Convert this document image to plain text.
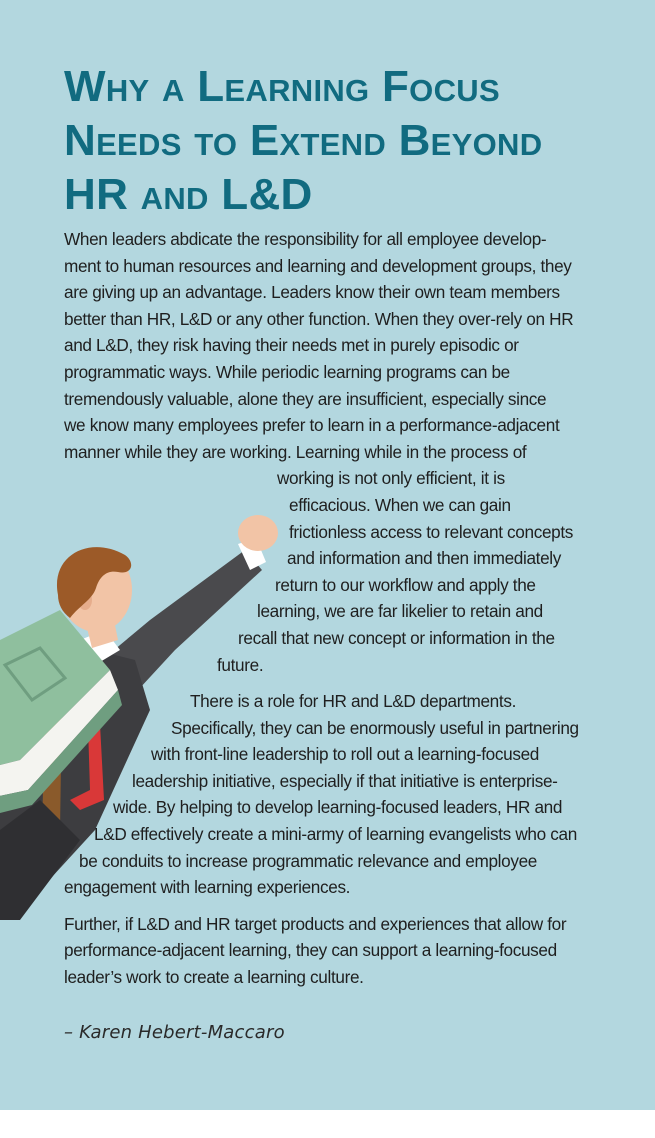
Why a Learning Focus
Needs to Extend Beyond
HR and L&D
When leaders abdicate the responsibility for all employee develop-
ment to human resources and learning and development groups, they
are giving up an advantage. Leaders know their own team members
better than HR, L&D or any other function. When they over-rely on HR
and L&D, they risk having their needs met in purely episodic or
programmatic ways. While periodic learning programs can be
tremendously valuable, alone they are insufficient, especially since
we know many employees prefer to learn in a performance-adjacent
manner while they are working. Learning while in the process of
working is not only efficient, it is
efficacious. When we can gain
frictionless access to relevant concepts
and information and then immediately
return to our workflow and apply the
learning, we are far likelier to retain and
recall that new concept or information in the
future.
There is a role for HR and L&D departments.
Specifically, they can be enormously useful in partnering
with front-line leadership to roll out a learning-focused
leadership initiative, especially if that initiative is enterprise-
wide. By helping to develop learning-focused leaders, HR and
L&D effectively create a mini-army of learning evangelists who can
be conduits to increase programmatic relevance and employee
engagement with learning experiences.
Further, if L&D and HR target products and experiences that allow for
performance-adjacent learning, they can support a learning-focused
leader’s work to create a learning culture.
– Karen Hebert-Maccaro
